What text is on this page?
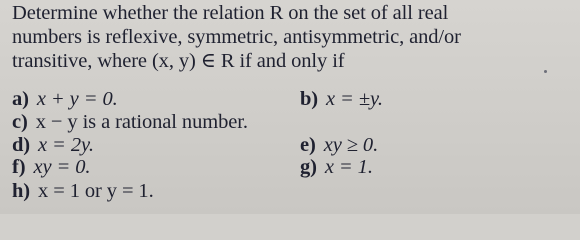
Determine whether the relation R on the set of all real
numbers is reflexive, symmetric, antisymmetric, and/or
transitive, where (x, y) ∈ R if and only if
a) x + y = 0.	b) x = ±y.
c) x − y is a rational number.
d) x = 2y.	e) xy ≥ 0.
f) xy = 0.	g) x = 1.
h) x = 1 or y = 1.
